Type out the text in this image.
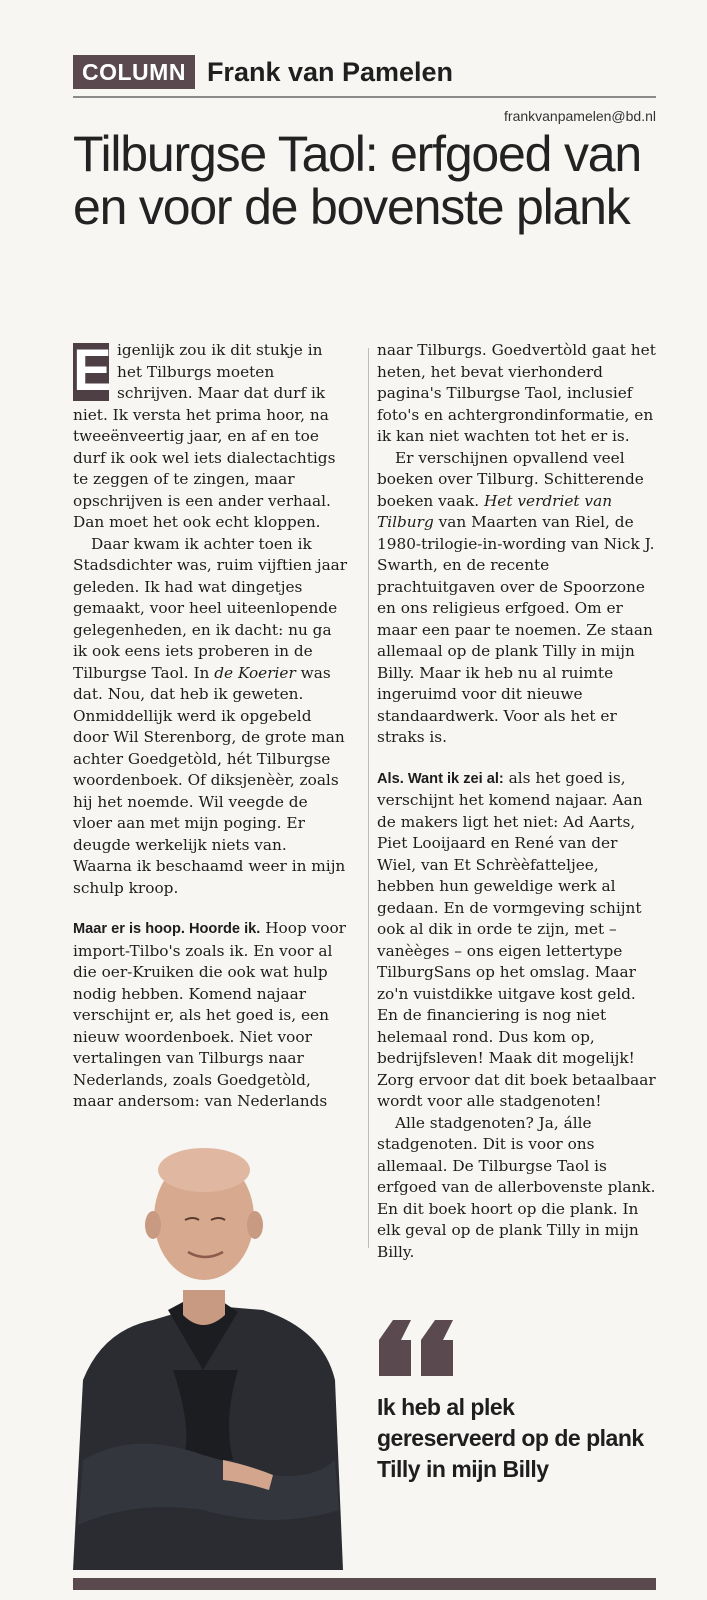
COLUMN Frank van Pamelen
frankvanpamelen@bd.nl
Tilburgse Taol: erfgoed van en voor de bovenste plank

E igenlijk zou ik dit stukje in het Tilburgs moeten schrijven. Maar dat durf ik niet. Ik versta het prima hoor, na tweeënveertig jaar, en af en toe durf ik ook wel iets dialectachtigs te zeggen of te zingen, maar opschrijven is een ander verhaal. Dan moet het ook echt kloppen.

Daar kwam ik achter toen ik Stadsdichter was, ruim vijftien jaar geleden. Ik had wat dingetjes gemaakt, voor heel uiteenlopende gelegenheden, en ik dacht: nu ga ik ook eens iets proberen in de Tilburgse Taol. In de Koerier was dat. Nou, dat heb ik geweten. Onmiddellijk werd ik opgebeld door Wil Sterenborg, de grote man achter Goedgetòld, hét Tilburgse woordenboek. Of diksjenèèr, zoals hij het noemde. Wil veegde de vloer aan met mijn poging. Er deugde werkelijk niets van. Waarna ik beschaamd weer in mijn schulp kroop.

Maar er is hoop. Hoorde ik. Hoop voor import-Tilbo's zoals ik. En voor al die oer-Kruiken die ook wat hulp nodig hebben. Komend najaar verschijnt er, als het goed is, een nieuw woordenboek. Niet voor vertalingen van Tilburgs naar Nederlands, zoals Goedgetòld, maar andersom: van Nederlands

naar Tilburgs. Goedvertòld gaat het heten, het bevat vierhonderd pagina's Tilburgse Taol, inclusief foto's en achtergrondinformatie, en ik kan niet wachten tot het er is.

Er verschijnen opvallend veel boeken over Tilburg. Schitterende boeken vaak. Het verdriet van Tilburg van Maarten van Riel, de 1980-trilogie-in-wording van Nick J. Swarth, en de recente prachtuitgaven over de Spoorzone en ons religieus erfgoed. Om er maar een paar te noemen. Ze staan allemaal op de plank Tilly in mijn Billy. Maar ik heb nu al ruimte ingeruimd voor dit nieuwe standaardwerk. Voor als het er straks is.

Als. Want ik zei al: als het goed is, verschijnt het komend najaar. Aan de makers ligt het niet: Ad Aarts, Piet Looijaard en René van der Wiel, van Et Schrèèfatteljee, hebben hun geweldige werk al gedaan. En de vormgeving schijnt ook al dik in orde te zijn, met – vanèèges – ons eigen lettertype TilburgSans op het omslag. Maar zo'n vuistdikke uitgave kost geld. En de financiering is nog niet helemaal rond. Dus kom op, bedrijfsleven! Maak dit mogelijk! Zorg ervoor dat dit boek betaalbaar wordt voor alle stadgenoten!

Alle stadgenoten? Ja, álle stadgenoten. Dit is voor ons allemaal. De Tilburgse Taol is erfgoed van de allerbovenste plank. En dit boek hoort op die plank. In elk geval op de plank Tilly in mijn Billy.

Ik heb al plek gereserveerd op de plank Tilly in mijn Billy
